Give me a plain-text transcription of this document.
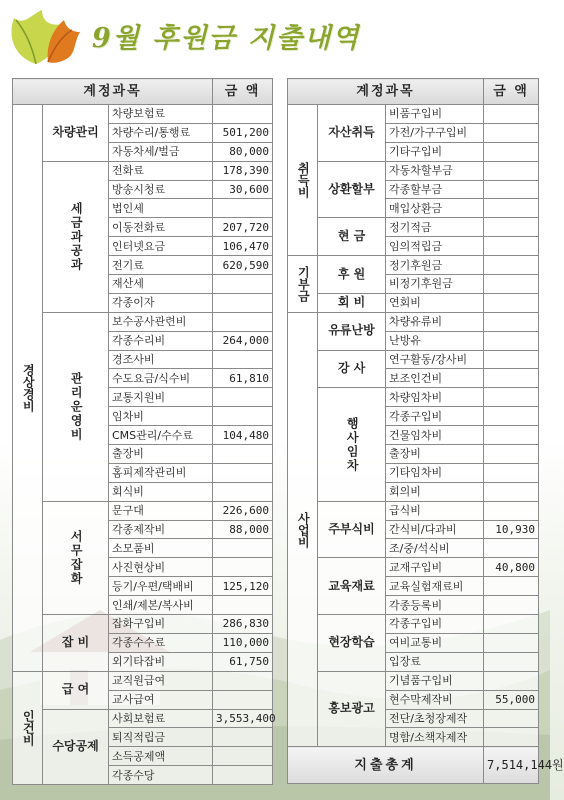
9월 후원금 지출내역
계정과목			금 액
경상경비	차량관리	차량보험료	
		차량수리/통행료	501,200
		자동차세/벌금	80,000
	세금과공과	전화료	178,390
		방송시청료	30,600
		법인세	
		이동전화료	207,720
		인터넷요금	106,470
		전기료	620,590
		재산세	
		각종이자	
	관리운영비	보수공사관련비	
		각종수리비	264,000
		경조사비	
		수도요금/식수비	61,810
		교통지원비	
		임차비	
		CMS관리/수수료	104,480
		출장비	
		홈피제작관리비	
		회식비	
	서무잡화	문구대	226,600
		각종제작비	88,000
		소모품비	
		사진현상비	
		등기/우편/택배비	125,120
		인쇄/제본/복사비	
	잡 비	잡화구입비	286,830
		각종수수료	110,000
		외기타잡비	61,750
인건비	급 여	교직원급여	
		교사급여	
	수당공제	사회보험료	3,553,400
		퇴직적립금	
		소득공제액	
		각종수당	
계정과목			금 액
취득비	자산취득	비품구입비	
		가전/가구구입비	
		기타구입비	
	상환할부	자동차할부금	
		각종할부금	
		매입상환금	
	현 금	정기적금	
		임의적립금	
기부금	후 원	정기후원금	
		비정기후원금	
	회 비	연회비	
사업비	유류난방	차량유류비	
		난방유	
	강 사	연구활동/강사비	
		보조인건비	
	행사임차	차량임차비	
		각종구입비	
		건물임차비	
		출장비	
		기타임차비	
		회의비	
	주부식비	급식비	
		간식비/다과비	10,930
		조/중/석식비	
	교육재료	교재구입비	40,800
		교육실험재료비	
		각종등록비	
	현장학습	각종구입비	
		여비교통비	
		입장료	
	홍보광고	기념품구입비	
		현수막제작비	55,000
		전단/초청장제작	
		명함/소책자제작	
지출총계			7,514,144원
